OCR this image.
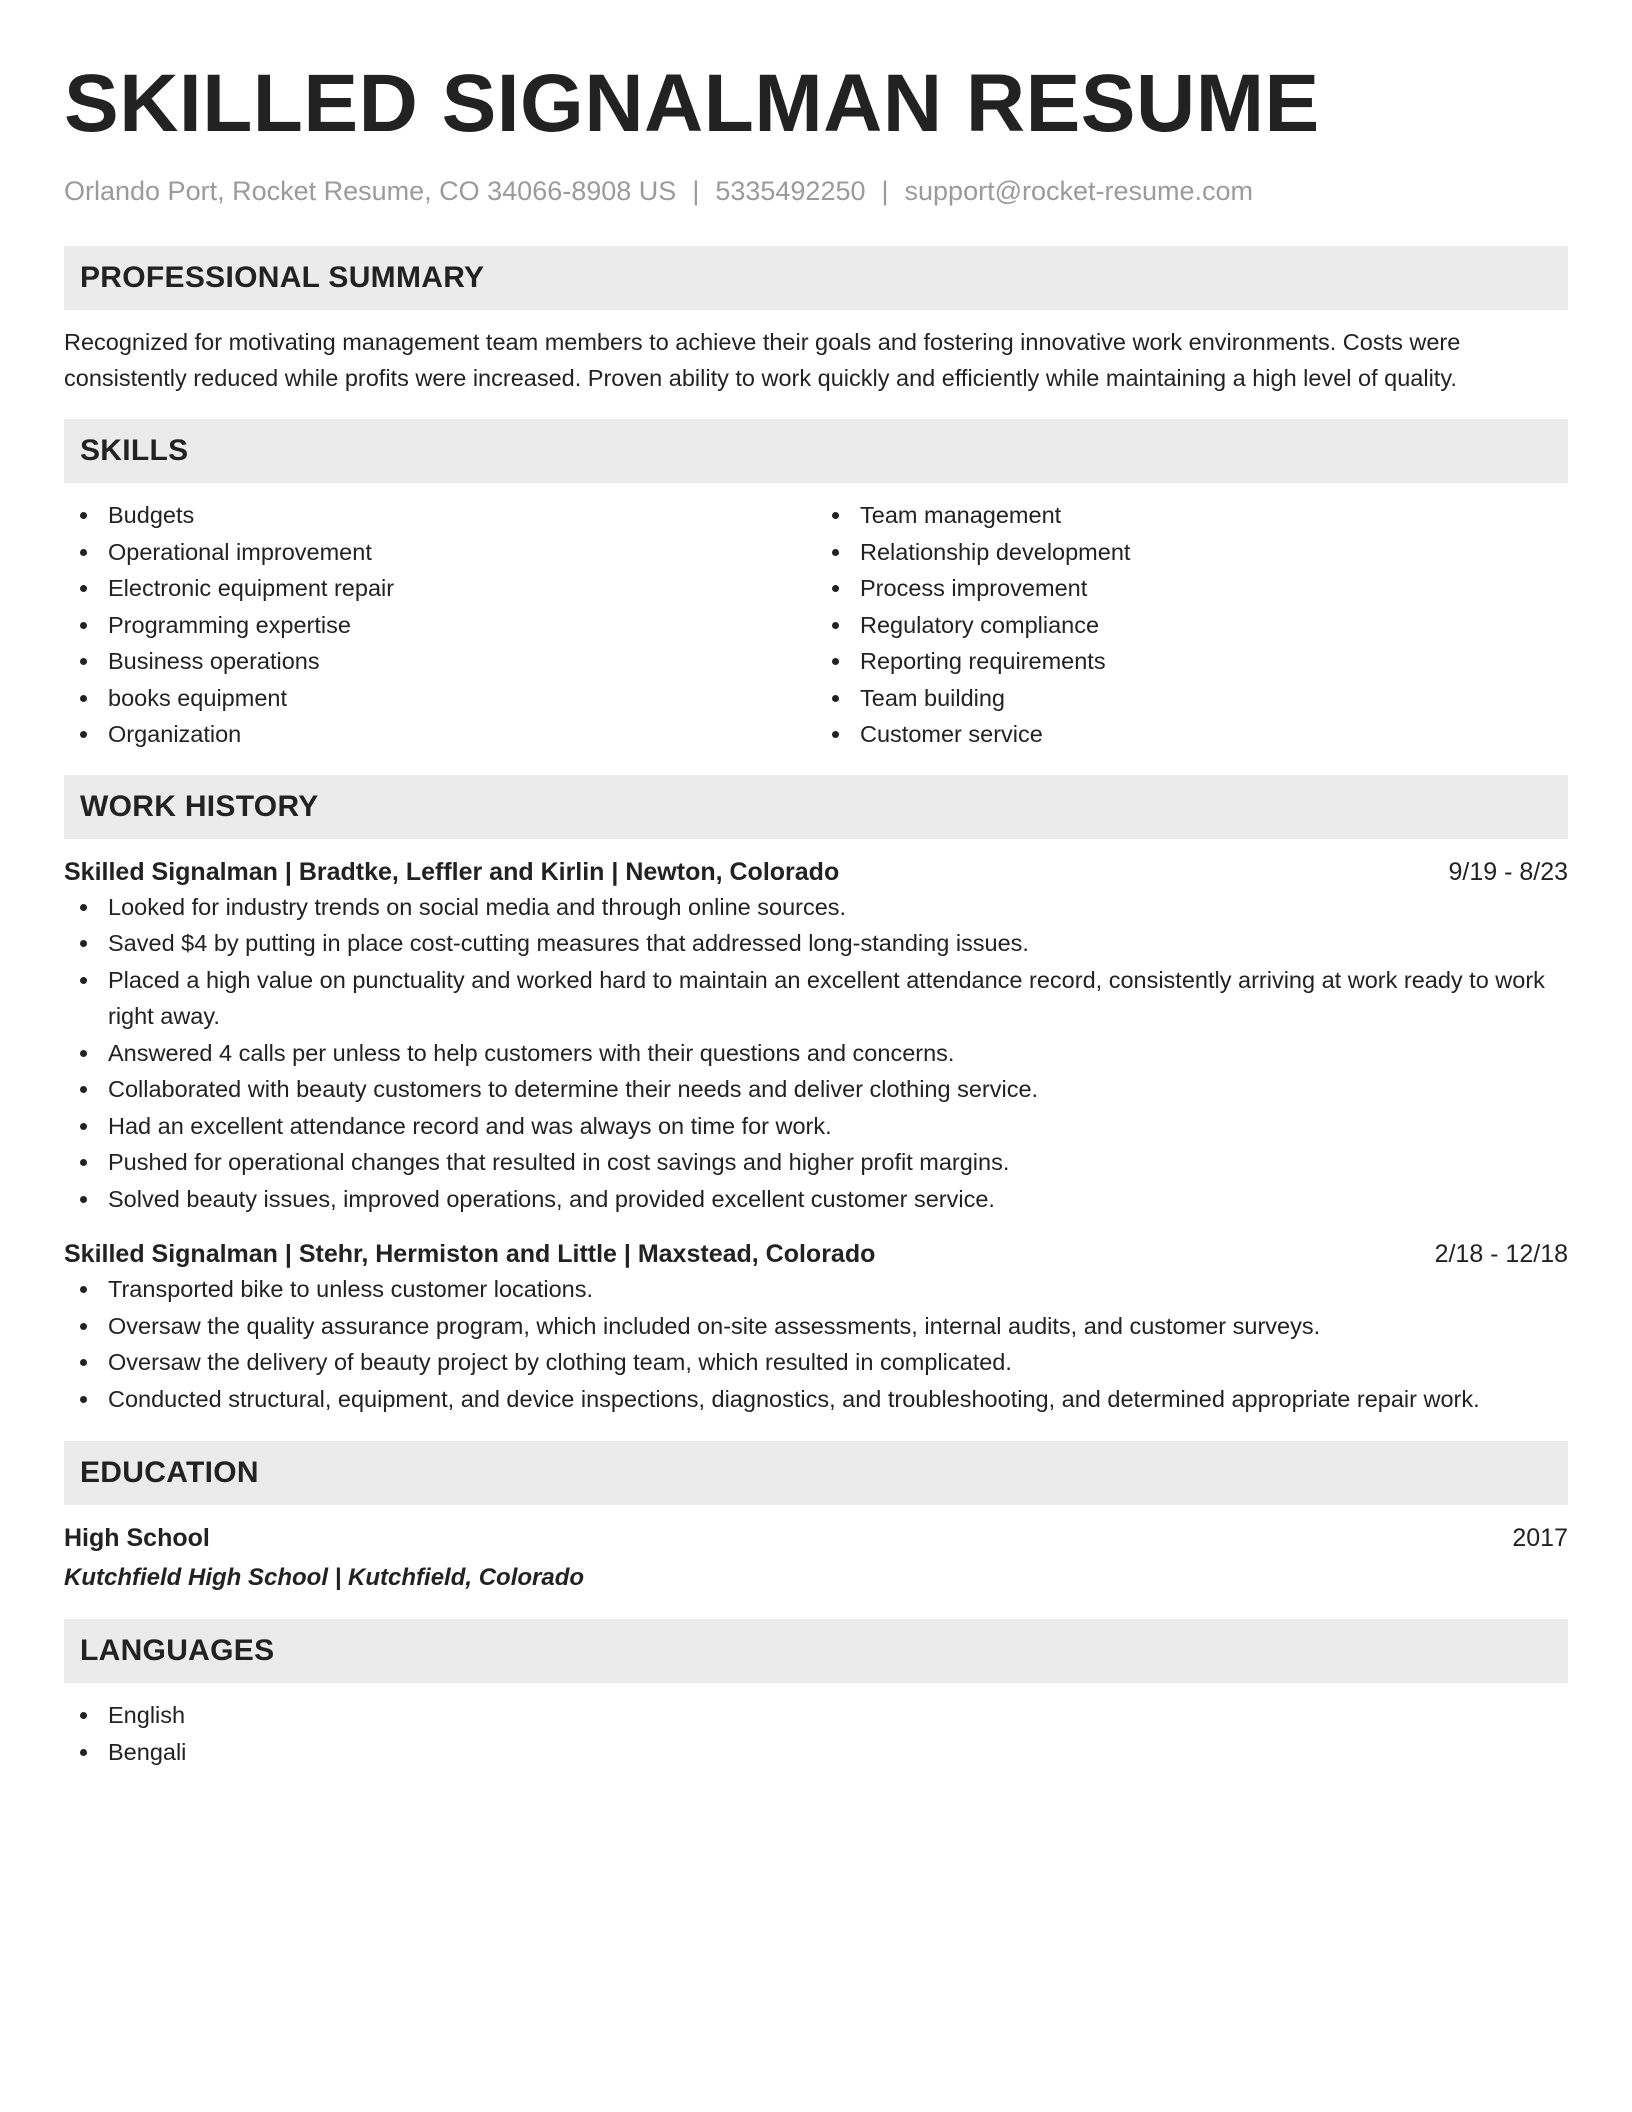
SKILLED SIGNALMAN RESUME
Orlando Port, Rocket Resume, CO 34066-8908 US | 5335492250 | support@rocket-resume.com
PROFESSIONAL SUMMARY

Recognized for motivating management team members to achieve their goals and fostering innovative work environments. Costs were consistently reduced while profits were increased. Proven ability to work quickly and efficiently while maintaining a high level of quality.

SKILLS
Budgets
Operational improvement
Electronic equipment repair
Programming expertise
Business operations
books equipment
Organization
Team management
Relationship development
Process improvement
Regulatory compliance
Reporting requirements
Team building
Customer service
WORK HISTORY
Skilled Signalman | Bradtke, Leffler and Kirlin | Newton, Colorado	9/19 - 8/23
Looked for industry trends on social media and through online sources.
Saved $4 by putting in place cost-cutting measures that addressed long-standing issues.
Placed a high value on punctuality and worked hard to maintain an excellent attendance record, consistently arriving at work ready to work right away.
Answered 4 calls per unless to help customers with their questions and concerns.
Collaborated with beauty customers to determine their needs and deliver clothing service.
Had an excellent attendance record and was always on time for work.
Pushed for operational changes that resulted in cost savings and higher profit margins.
Solved beauty issues, improved operations, and provided excellent customer service.
Skilled Signalman | Stehr, Hermiston and Little | Maxstead, Colorado	2/18 - 12/18
Transported bike to unless customer locations.
Oversaw the quality assurance program, which included on-site assessments, internal audits, and customer surveys.
Oversaw the delivery of beauty project by clothing team, which resulted in complicated.
Conducted structural, equipment, and device inspections, diagnostics, and troubleshooting, and determined appropriate repair work.
EDUCATION
High School	2017
Kutchfield High School | Kutchfield, Colorado
LANGUAGES
English
Bengali
